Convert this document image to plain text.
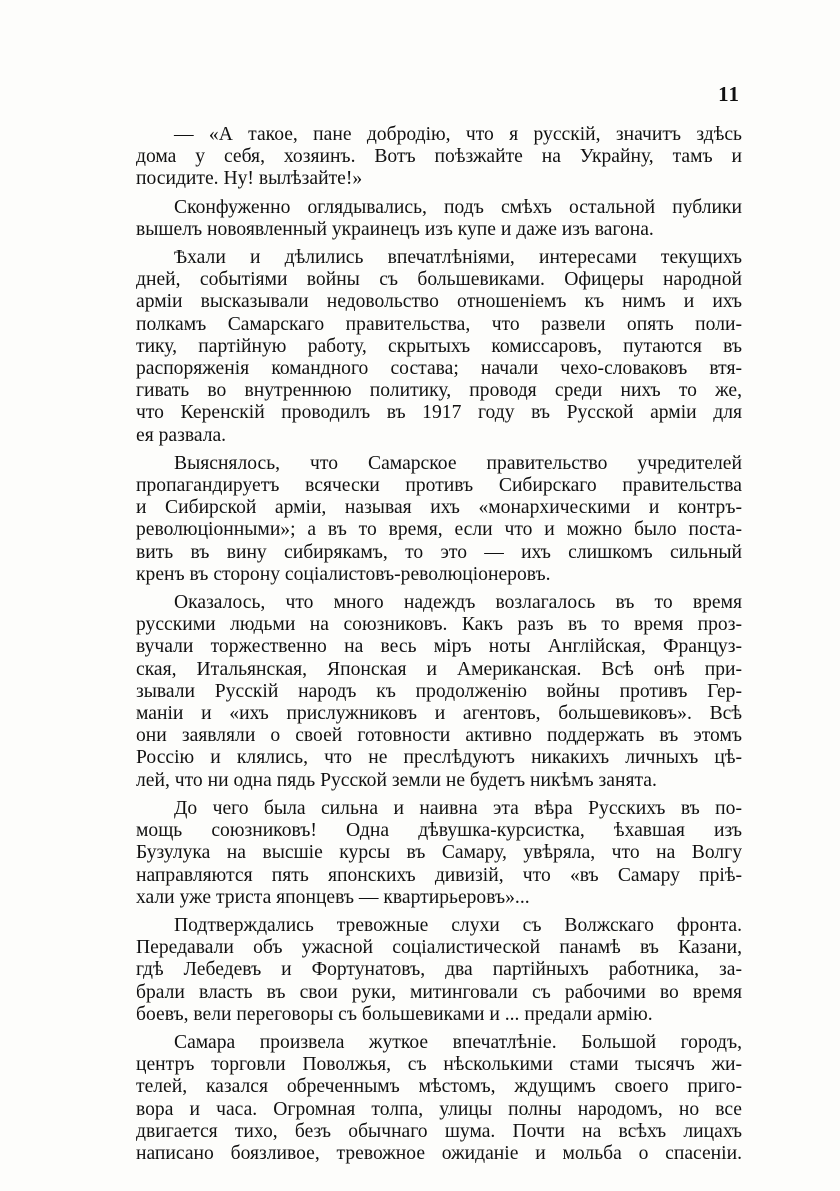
11
— «А такое, пане добродію, что я русскій, значитъ здѣсь
дома у себя, хозяинъ. Вотъ поѣзжайте на Украйну, тамъ и
посидите. Ну! вылѣзайте!»
Сконфуженно оглядывались, подъ смѣхъ остальной публики
вышелъ новоявленный украинецъ изъ купе и даже изъ вагона.
Ѣхали и дѣлились впечатлѣніями, интересами текущихъ
дней, событіями войны съ большевиками. Офицеры народной
арміи высказывали недовольство отношеніемъ къ нимъ и ихъ
полкамъ Самарскаго правительства, что развели опять поли-
тику, партійную работу, скрытыхъ комиссаровъ, путаются въ
распоряженія командного состава; начали чехо-словаковъ втя-
гивать во внутреннюю политику, проводя среди нихъ то же,
что Керенскій проводилъ въ 1917 году въ Русской арміи для
ея развала.
Выяснялось, что Самарское правительство учредителей
пропагандируетъ всячески противъ Сибирскаго правительства
и Сибирской арміи, называя ихъ «монархическими и контръ-
революціонными»; а въ то время, если что и можно было поста-
вить въ вину сибирякамъ, то это — ихъ слишкомъ сильный
кренъ въ сторону соціалистовъ-революціонеровъ.
Оказалось, что много надеждъ возлагалось въ то время
русскими людьми на союзниковъ. Какъ разъ въ то время проз-
вучали торжественно на весь міръ ноты Англійская, Француз-
ская, Итальянская, Японская и Американская. Всѣ онѣ при-
зывали Русскій народъ къ продолженію войны противъ Гер-
маніи и «ихъ прислужниковъ и агентовъ, большевиковъ». Всѣ
они заявляли о своей готовности активно поддержать въ этомъ
Россію и клялись, что не преслѣдуютъ никакихъ личныхъ цѣ-
лей, что ни одна пядь Русской земли не будетъ никѣмъ занята.
До чего была сильна и наивна эта вѣра Русскихъ въ по-
мощь союзниковъ! Одна дѣвушка-курсистка, ѣхавшая изъ
Бузулука на высшіе курсы въ Самару, увѣряла, что на Волгу
направляются пять японскихъ дивизій, что «въ Самару пріѣ-
хали уже триста японцевъ — квартирьеровъ»...
Подтверждались тревожные слухи съ Волжскаго фронта.
Передавали объ ужасной соціалистической панамѣ въ Казани,
гдѣ Лебедевъ и Фортунатовъ, два партійныхъ работника, за-
брали власть въ свои руки, митинговали съ рабочими во время
боевъ, вели переговоры съ большевиками и ... предали армію.
Самара произвела жуткое впечатлѣніе. Большой городъ,
центръ торговли Поволжья, съ нѣсколькими стами тысячъ жи-
телей, казался обреченнымъ мѣстомъ, ждущимъ своего приго-
вора и часа. Огромная толпа, улицы полны народомъ, но все
двигается тихо, безъ обычнаго шума. Почти на всѣхъ лицахъ
написано боязливое, тревожное ожиданіе и мольба о спасеніи.
